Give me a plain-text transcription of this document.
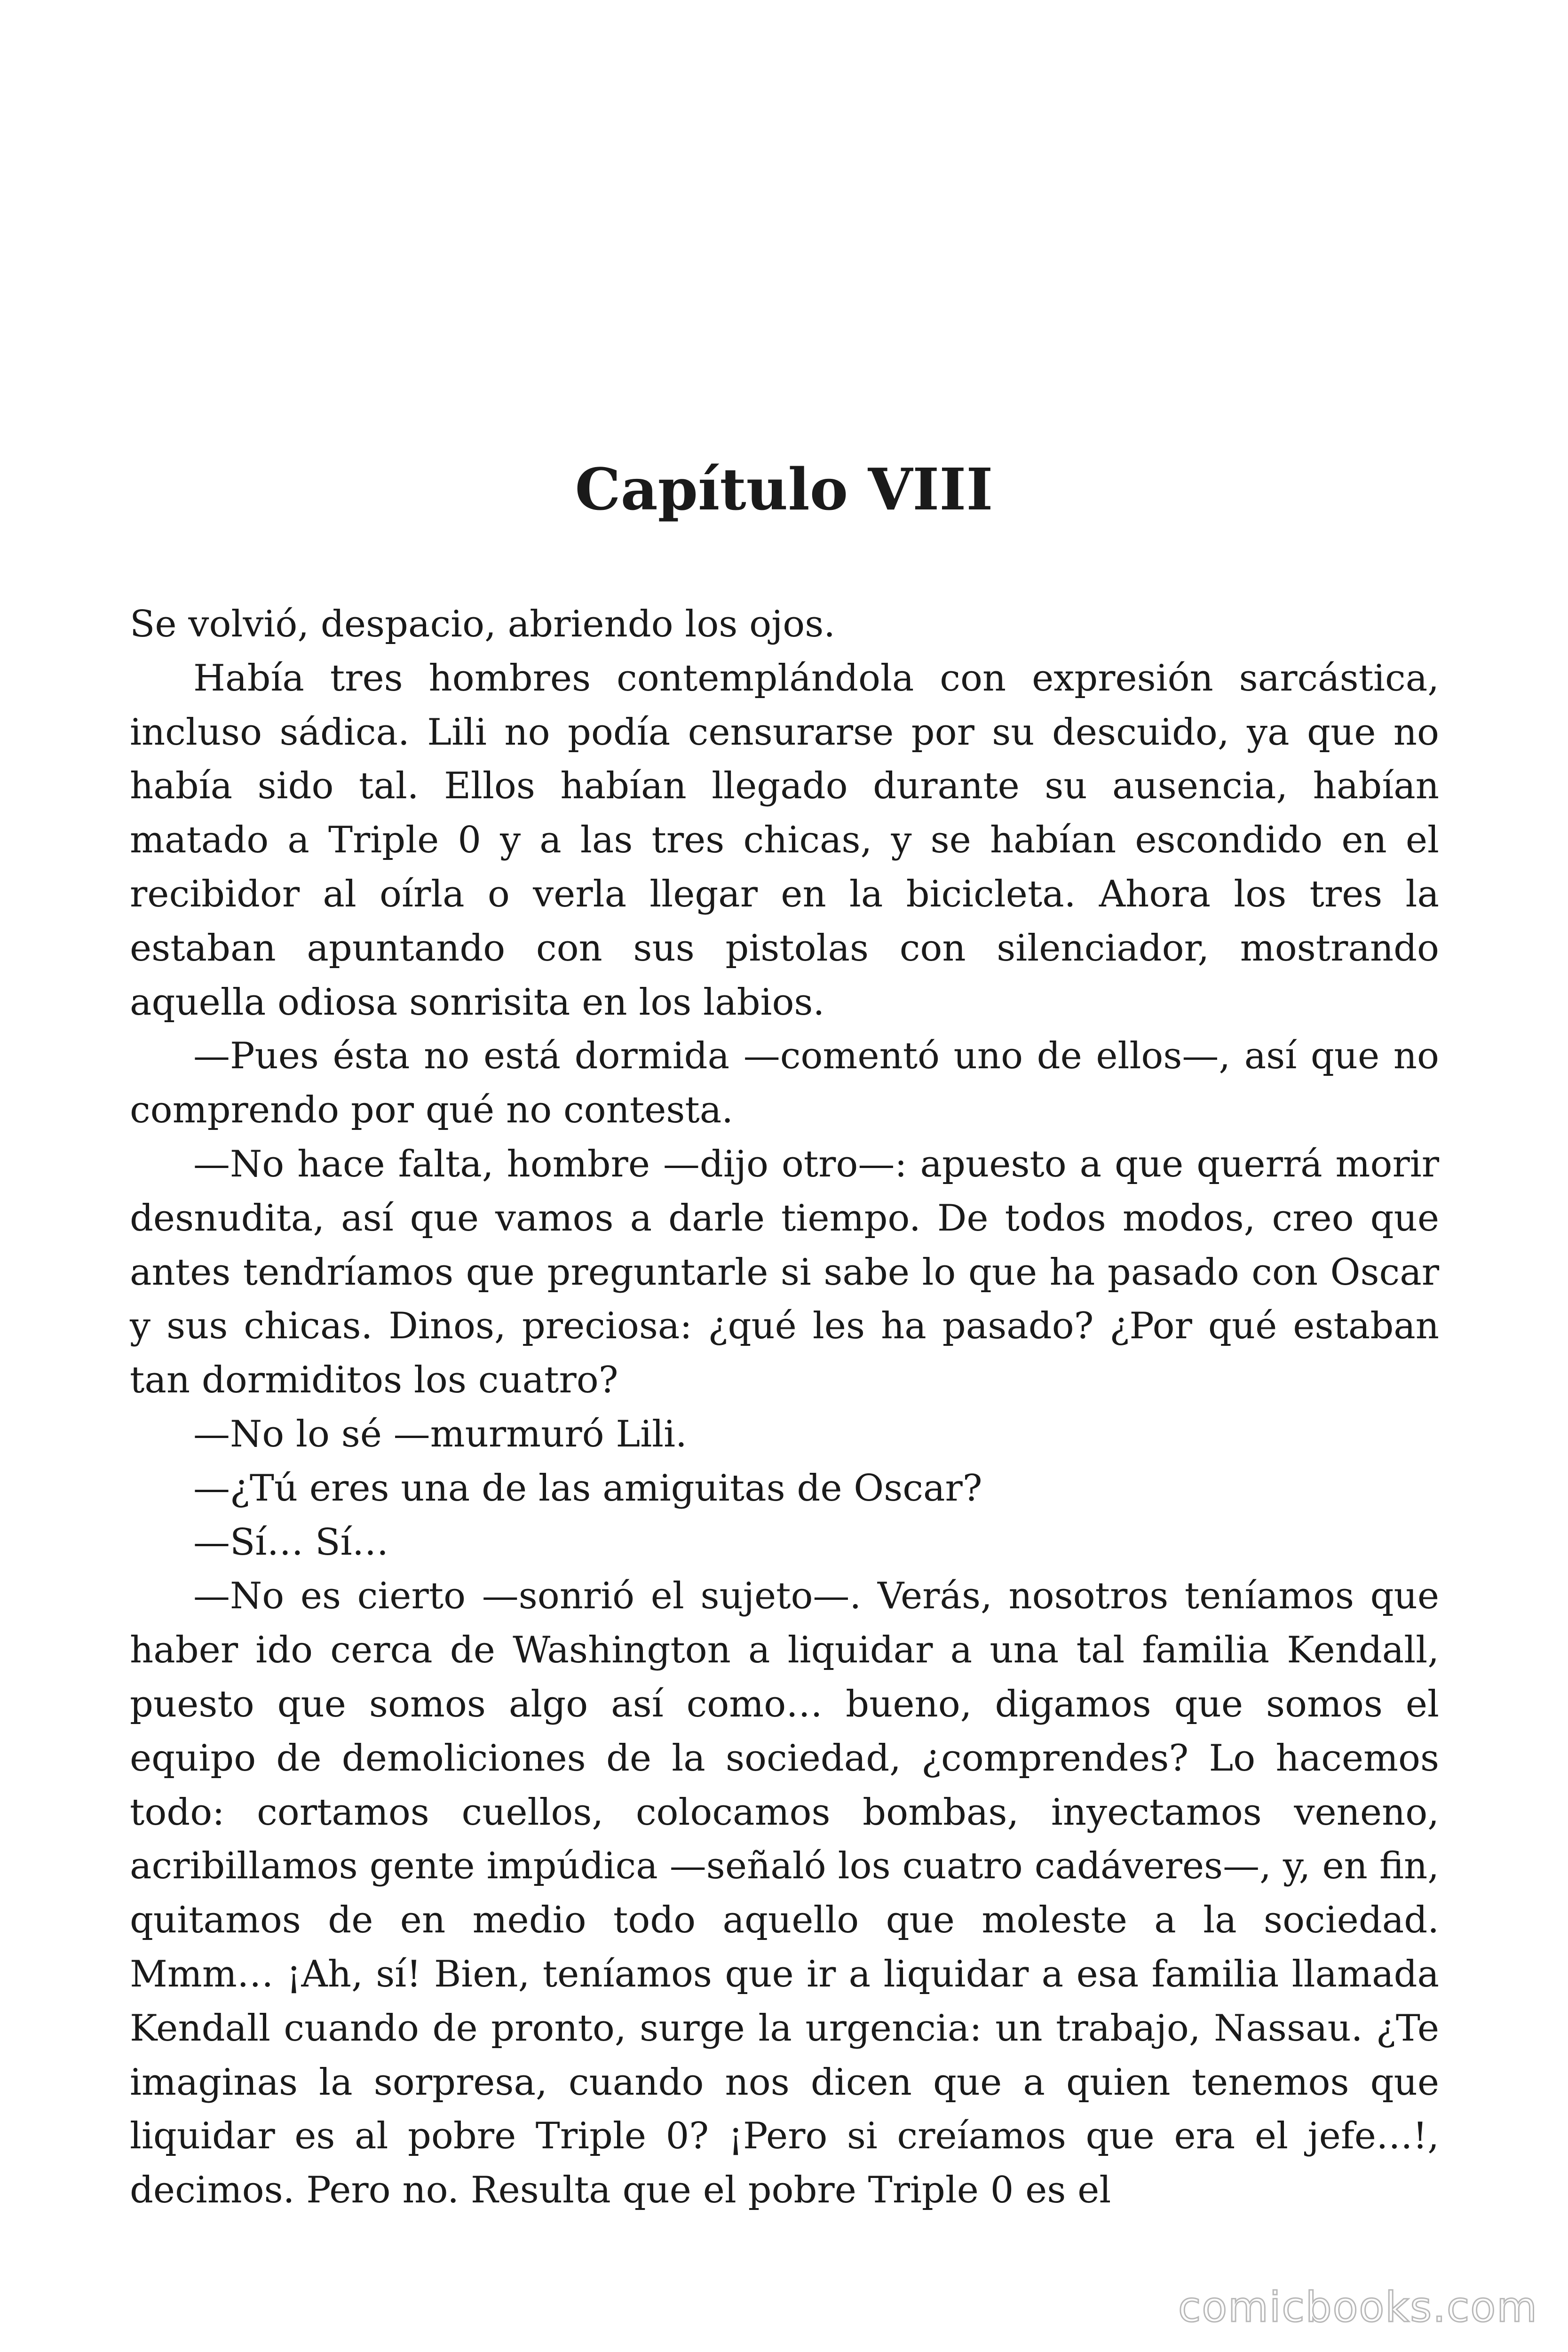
Capítulo VIII

Se volvió, despacio, abriendo los ojos.

Había tres hombres contemplándola con expresión sarcástica, incluso sádica. Lili no podía censurarse por su descuido, ya que no había sido tal. Ellos habían llegado durante su ausencia, habían matado a Triple 0 y a las tres chicas, y se habían escondido en el recibidor al oírla o verla llegar en la bicicleta. Ahora los tres la estaban apuntando con sus pistolas con silenciador, mostrando aquella odiosa sonrisita en los labios.

—Pues ésta no está dormida —comentó uno de ellos—, así que no comprendo por qué no contesta.

—No hace falta, hombre —dijo otro—: apuesto a que querrá morir desnudita, así que vamos a darle tiempo. De todos modos, creo que antes tendríamos que preguntarle si sabe lo que ha pasado con Oscar y sus chicas. Dinos, preciosa: ¿qué les ha pasado? ¿Por qué estaban tan dormiditos los cuatro?

—No lo sé —murmuró Lili.

—¿Tú eres una de las amiguitas de Oscar?

—Sí… Sí…

—No es cierto —sonrió el sujeto—. Verás, nosotros teníamos que haber ido cerca de Washington a liquidar a una tal familia Kendall, puesto que somos algo así como… bueno, digamos que somos el equipo de demoliciones de la sociedad, ¿comprendes? Lo hacemos todo: cortamos cuellos, colocamos bombas, inyectamos veneno, acribillamos gente impúdica —señaló los cuatro cadáveres—, y, en fin, quitamos de en medio todo aquello que moleste a la sociedad. Mmm… ¡Ah, sí! Bien, teníamos que ir a liquidar a esa familia llamada Kendall cuando de pronto, surge la urgencia: un trabajo, Nassau. ¿Te imaginas la sorpresa, cuando nos dicen que a quien tenemos que liquidar es al pobre Triple 0? ¡Pero si creíamos que era el jefe…!, decimos. Pero no. Resulta que el pobre Triple 0 es el

comicbooks.com
